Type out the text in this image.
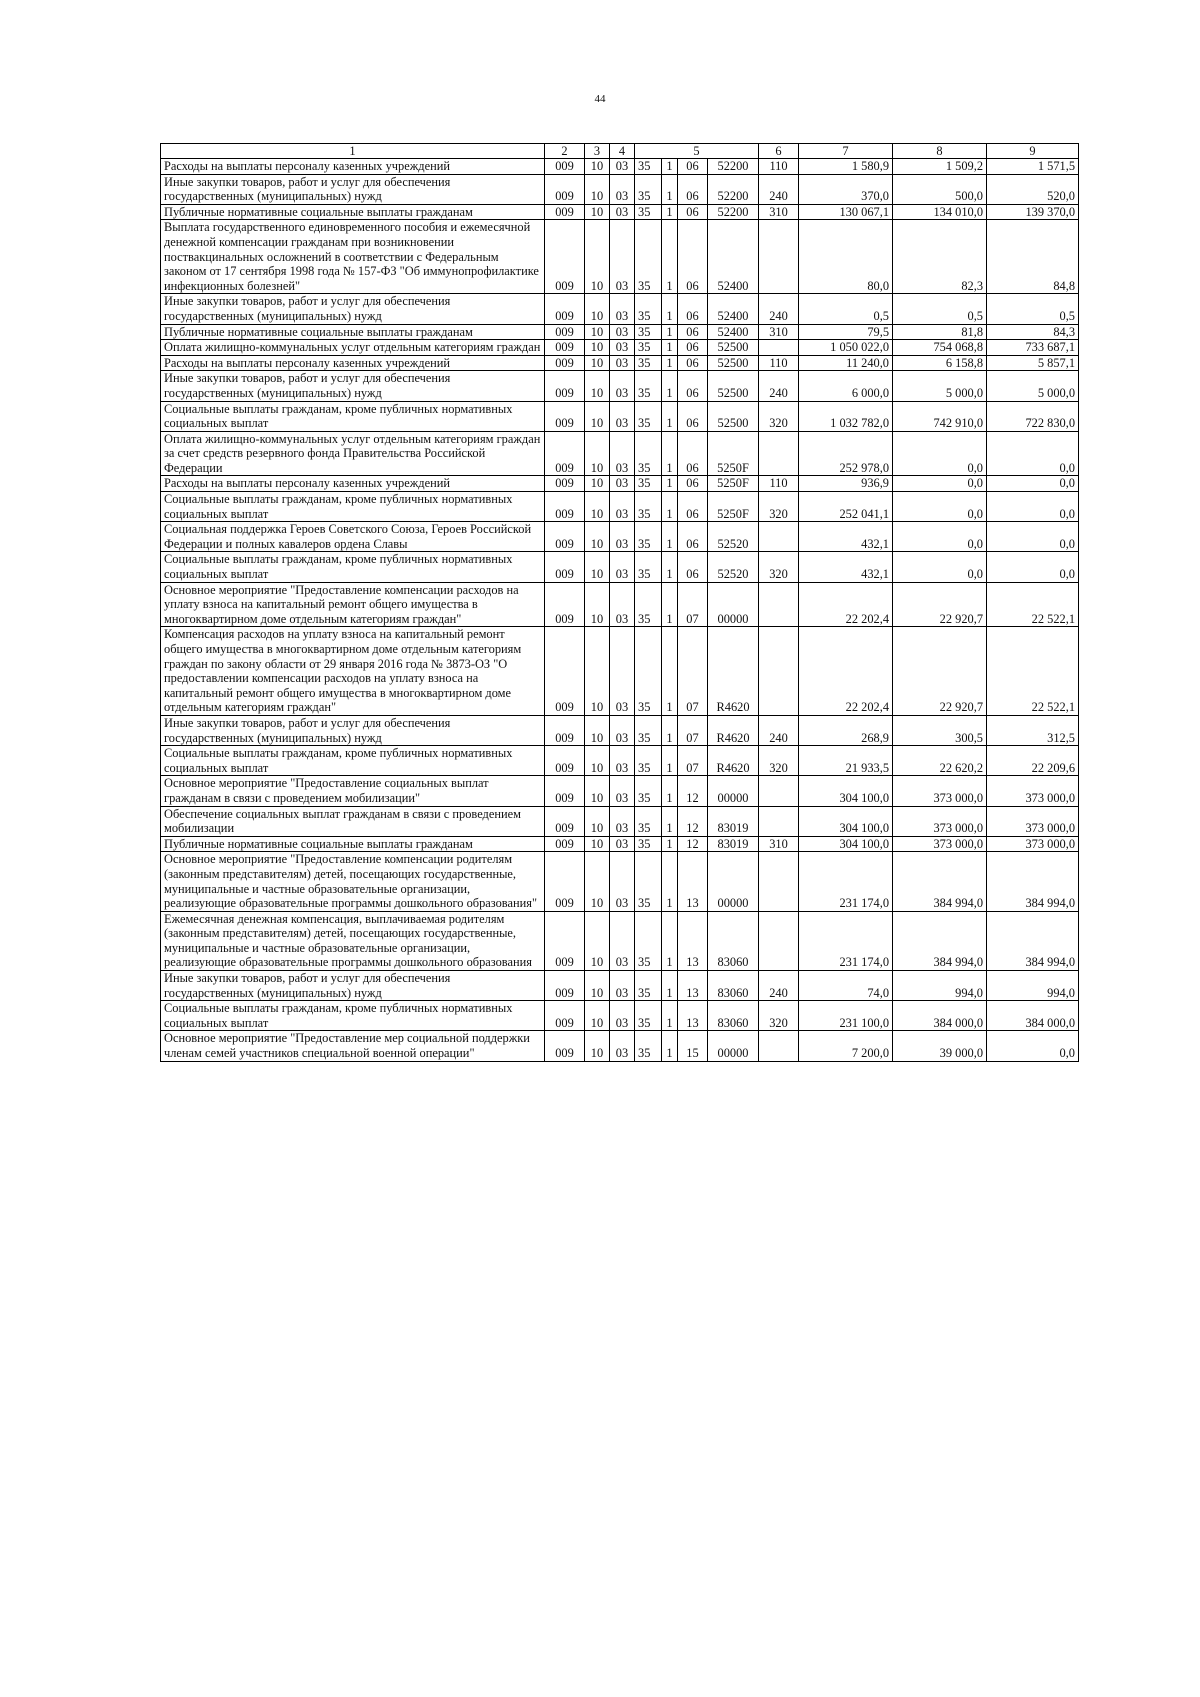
44
1	2	3	4	5				6	7	8	9
Расходы на выплаты персоналу казенных учреждений	009	10	03	35	1	06	52200	110	1 580,9	1 509,2	1 571,5
Иные закупки товаров, работ и услуг для обеспечения государственных (муниципальных) нужд	009	10	03	35	1	06	52200	240	370,0	500,0	520,0
Публичные нормативные социальные выплаты гражданам	009	10	03	35	1	06	52200	310	130 067,1	134 010,0	139 370,0
Выплата государственного единовременного пособия и ежемесячной денежной компенсации гражданам при возникновении поствакцинальных осложнений в соответствии с Федеральным законом от 17 сентября 1998 года № 157-ФЗ "Об иммунопрофилактике инфекционных болезней"	009	10	03	35	1	06	52400		80,0	82,3	84,8
Иные закупки товаров, работ и услуг для обеспечения государственных (муниципальных) нужд	009	10	03	35	1	06	52400	240	0,5	0,5	0,5
Публичные нормативные социальные выплаты гражданам	009	10	03	35	1	06	52400	310	79,5	81,8	84,3
Оплата жилищно-коммунальных услуг отдельным категориям граждан	009	10	03	35	1	06	52500		1 050 022,0	754 068,8	733 687,1
Расходы на выплаты персоналу казенных учреждений	009	10	03	35	1	06	52500	110	11 240,0	6 158,8	5 857,1
Иные закупки товаров, работ и услуг для обеспечения государственных (муниципальных) нужд	009	10	03	35	1	06	52500	240	6 000,0	5 000,0	5 000,0
Социальные выплаты гражданам, кроме публичных нормативных социальных выплат	009	10	03	35	1	06	52500	320	1 032 782,0	742 910,0	722 830,0
Оплата жилищно-коммунальных услуг отдельным категориям граждан за счет средств резервного фонда Правительства Российской Федерации	009	10	03	35	1	06	5250F		252 978,0	0,0	0,0
Расходы на выплаты персоналу казенных учреждений	009	10	03	35	1	06	5250F	110	936,9	0,0	0,0
Социальные выплаты гражданам, кроме публичных нормативных социальных выплат	009	10	03	35	1	06	5250F	320	252 041,1	0,0	0,0
Социальная поддержка Героев Советского Союза, Героев Российской Федерации и полных кавалеров ордена Славы	009	10	03	35	1	06	52520		432,1	0,0	0,0
Социальные выплаты гражданам, кроме публичных нормативных социальных выплат	009	10	03	35	1	06	52520	320	432,1	0,0	0,0
Основное мероприятие "Предоставление компенсации расходов на уплату взноса на капитальный ремонт общего имущества в многоквартирном доме отдельным категориям граждан"	009	10	03	35	1	07	00000		22 202,4	22 920,7	22 522,1
Компенсация расходов на уплату взноса на капитальный ремонт общего имущества в многоквартирном доме отдельным категориям граждан по закону области от 29 января 2016 года № 3873-ОЗ "О предоставлении компенсации расходов на уплату взноса на капитальный ремонт общего имущества в многоквартирном доме отдельным категориям граждан"	009	10	03	35	1	07	R4620		22 202,4	22 920,7	22 522,1
Иные закупки товаров, работ и услуг для обеспечения государственных (муниципальных) нужд	009	10	03	35	1	07	R4620	240	268,9	300,5	312,5
Социальные выплаты гражданам, кроме публичных нормативных социальных выплат	009	10	03	35	1	07	R4620	320	21 933,5	22 620,2	22 209,6
Основное мероприятие "Предоставление социальных выплат гражданам в связи с проведением мобилизации"	009	10	03	35	1	12	00000		304 100,0	373 000,0	373 000,0
Обеспечение социальных выплат гражданам в связи с проведением мобилизации	009	10	03	35	1	12	83019		304 100,0	373 000,0	373 000,0
Публичные нормативные социальные выплаты гражданам	009	10	03	35	1	12	83019	310	304 100,0	373 000,0	373 000,0
Основное мероприятие "Предоставление компенсации родителям (законным представителям) детей, посещающих государственные, муниципальные и частные образовательные организации, реализующие образовательные программы дошкольного образования"	009	10	03	35	1	13	00000		231 174,0	384 994,0	384 994,0
Ежемесячная денежная компенсация, выплачиваемая родителям (законным представителям) детей, посещающих государственные, муниципальные и частные образовательные организации, реализующие образовательные программы дошкольного образования	009	10	03	35	1	13	83060		231 174,0	384 994,0	384 994,0
Иные закупки товаров, работ и услуг для обеспечения государственных (муниципальных) нужд	009	10	03	35	1	13	83060	240	74,0	994,0	994,0
Социальные выплаты гражданам, кроме публичных нормативных социальных выплат	009	10	03	35	1	13	83060	320	231 100,0	384 000,0	384 000,0
Основное мероприятие "Предоставление мер социальной поддержки членам семей участников специальной военной операции"	009	10	03	35	1	15	00000		7 200,0	39 000,0	0,0
